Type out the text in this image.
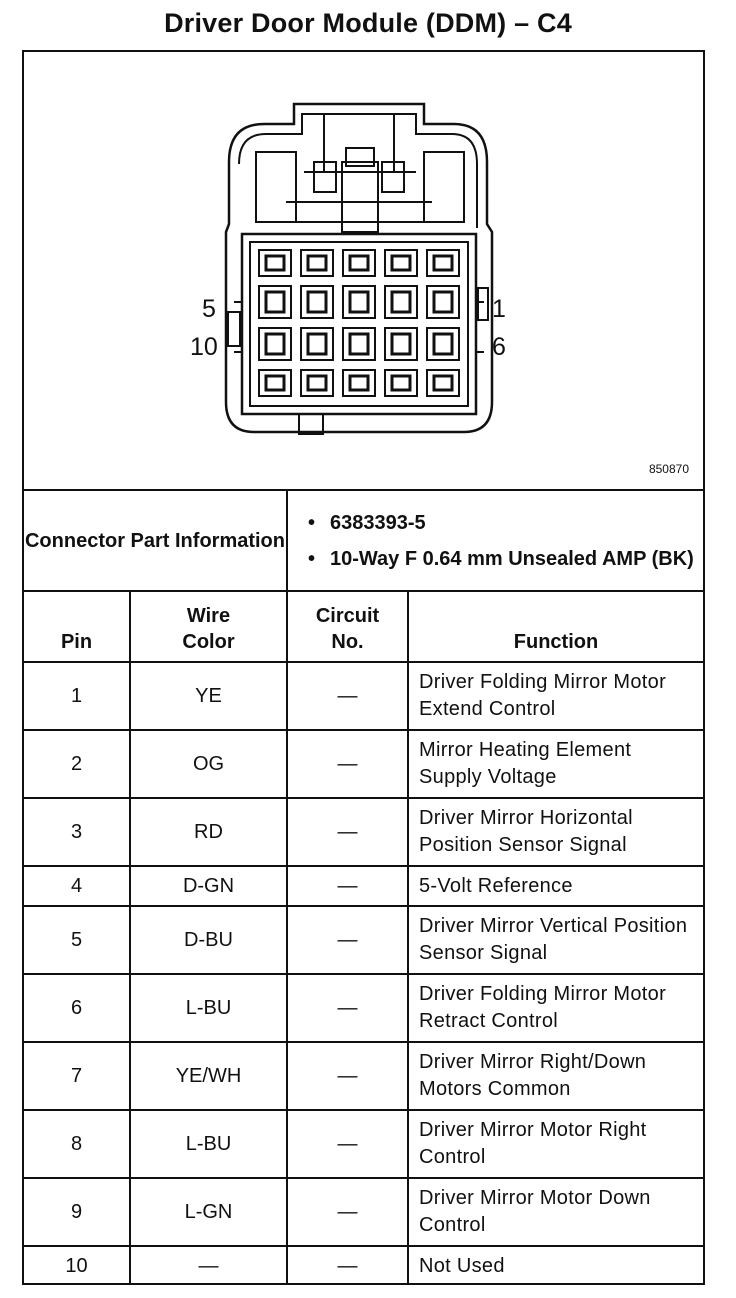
Driver Door Module (DDM) – C4
5
10
1
6
850870
Connector Part Information	
• 6383393-5
• 10-Way F 0.64 mm Unsealed AMP (BK)
Pin	Wire Color	Circuit No.	Function
1	YE	—	Driver Folding Mirror Motor Extend Control
2	OG	—	Mirror Heating Element Supply Voltage
3	RD	—	Driver Mirror Horizontal Position Sensor Signal
4	D-GN	—	5-Volt Reference
5	D-BU	—	Driver Mirror Vertical Position Sensor Signal
6	L-BU	—	Driver Folding Mirror Motor Retract Control
7	YE/WH	—	Driver Mirror Right/Down Motors Common
8	L-BU	—	Driver Mirror Motor Right Control
9	L-GN	—	Driver Mirror Motor Down Control
10	—	—	Not Used
